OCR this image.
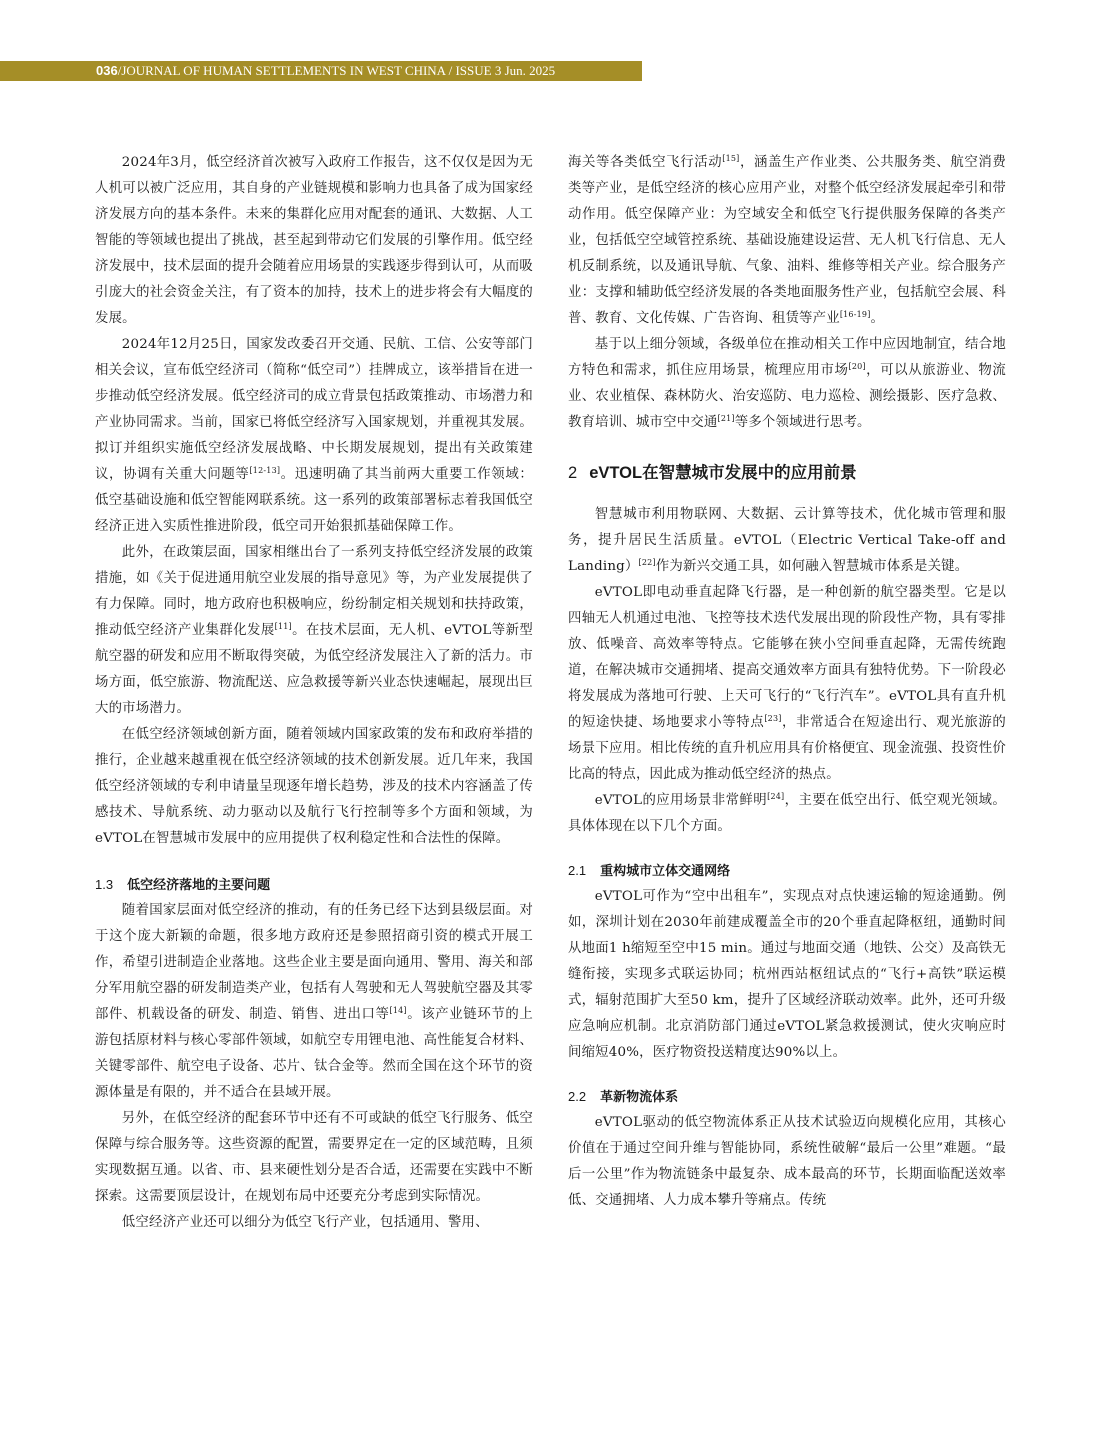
036/JOURNAL OF HUMAN SETTLEMENTS IN WEST CHINA / ISSUE 3 Jun. 2025

2024年3月，低空经济首次被写入政府工作报告，这不仅仅是因为无人机可以被广泛应用，其自身的产业链规模和影响力也具备了成为国家经济发展方向的基本条件。未来的集群化应用对配套的通讯、大数据、人工智能的等领域也提出了挑战，甚至起到带动它们发展的引擎作用。低空经济发展中，技术层面的提升会随着应用场景的实践逐步得到认可，从而吸引庞大的社会资金关注，有了资本的加持，技术上的进步将会有大幅度的发展。

2024年12月25日，国家发改委召开交通、民航、工信、公安等部门相关会议，宣布低空经济司（简称“低空司”）挂牌成立，该举措旨在进一步推动低空经济发展。低空经济司的成立背景包括政策推动、市场潜力和产业协同需求。当前，国家已将低空经济写入国家规划，并重视其发展。拟订并组织实施低空经济发展战略、中长期发展规划，提出有关政策建议，协调有关重大问题等[12-13]。迅速明确了其当前两大重要工作领域：低空基础设施和低空智能网联系统。这一系列的政策部署标志着我国低空经济正进入实质性推进阶段，低空司开始狠抓基础保障工作。

此外，在政策层面，国家相继出台了一系列支持低空经济发展的政策措施，如《关于促进通用航空业发展的指导意见》等，为产业发展提供了有力保障。同时，地方政府也积极响应，纷纷制定相关规划和扶持政策，推动低空经济产业集群化发展[11]。在技术层面，无人机、eVTOL等新型航空器的研发和应用不断取得突破，为低空经济发展注入了新的活力。市场方面，低空旅游、物流配送、应急救援等新兴业态快速崛起，展现出巨大的市场潜力。

在低空经济领域创新方面，随着领域内国家政策的发布和政府举措的推行，企业越来越重视在低空经济领域的技术创新发展。近几年来，我国低空经济领域的专利申请量呈现逐年增长趋势，涉及的技术内容涵盖了传感技术、导航系统、动力驱动以及航行飞行控制等多个方面和领域，为eVTOL在智慧城市发展中的应用提供了权利稳定性和合法性的保障。

1.3 低空经济落地的主要问题

随着国家层面对低空经济的推动，有的任务已经下达到县级层面。对于这个庞大新颖的命题，很多地方政府还是参照招商引资的模式开展工作，希望引进制造企业落地。这些企业主要是面向通用、警用、海关和部分军用航空器的研发制造类产业，包括有人驾驶和无人驾驶航空器及其零部件、机载设备的研发、制造、销售、进出口等[14]。该产业链环节的上游包括原材料与核心零部件领域，如航空专用锂电池、高性能复合材料、关键零部件、航空电子设备、芯片、钛合金等。然而全国在这个环节的资源体量是有限的，并不适合在县域开展。

另外，在低空经济的配套环节中还有不可或缺的低空飞行服务、低空保障与综合服务等。这些资源的配置，需要界定在一定的区域范畴，且须实现数据互通。以省、市、县来硬性划分是否合适，还需要在实践中不断探索。这需要顶层设计，在规划布局中还要充分考虑到实际情况。

低空经济产业还可以细分为低空飞行产业，包括通用、警用、

海关等各类低空飞行活动[15]，涵盖生产作业类、公共服务类、航空消费类等产业，是低空经济的核心应用产业，对整个低空经济发展起牵引和带动作用。低空保障产业：为空域安全和低空飞行提供服务保障的各类产业，包括低空空域管控系统、基础设施建设运营、无人机飞行信息、无人机反制系统，以及通讯导航、气象、油料、维修等相关产业。综合服务产业：支撑和辅助低空经济发展的各类地面服务性产业，包括航空会展、科普、教育、文化传媒、广告咨询、租赁等产业[16-19]。

基于以上细分领域，各级单位在推动相关工作中应因地制宜，结合地方特色和需求，抓住应用场景，梳理应用市场[20]，可以从旅游业、物流业、农业植保、森林防火、治安巡防、电力巡检、测绘摄影、医疗急救、教育培训、城市空中交通[21]等多个领域进行思考。

2 eVTOL在智慧城市发展中的应用前景

智慧城市利用物联网、大数据、云计算等技术，优化城市管理和服务，提升居民生活质量。eVTOL（Electric Vertical Take-off and Landing）[22]作为新兴交通工具，如何融入智慧城市体系是关键。

eVTOL即电动垂直起降飞行器，是一种创新的航空器类型。它是以四轴无人机通过电池、飞控等技术迭代发展出现的阶段性产物，具有零排放、低噪音、高效率等特点。它能够在狭小空间垂直起降，无需传统跑道，在解决城市交通拥堵、提高交通效率方面具有独特优势。下一阶段必将发展成为落地可行驶、上天可飞行的“飞行汽车”。eVTOL具有直升机的短途快捷、场地要求小等特点[23]，非常适合在短途出行、观光旅游的场景下应用。相比传统的直升机应用具有价格便宜、现金流强、投资性价比高的特点，因此成为推动低空经济的热点。

eVTOL的应用场景非常鲜明[24]，主要在低空出行、低空观光领域。具体体现在以下几个方面。

2.1 重构城市立体交通网络

eVTOL可作为“空中出租车”，实现点对点快速运输的短途通勤。例如，深圳计划在2030年前建成覆盖全市的20个垂直起降枢纽，通勤时间从地面1 h缩短至空中15 min。通过与地面交通（地铁、公交）及高铁无缝衔接，实现多式联运协同；杭州西站枢纽试点的“飞行+高铁”联运模式，辐射范围扩大至50 km，提升了区域经济联动效率。此外，还可升级应急响应机制。北京消防部门通过eVTOL紧急救援测试，使火灾响应时间缩短40%，医疗物资投送精度达90%以上。

2.2 革新物流体系

eVTOL驱动的低空物流体系正从技术试验迈向规模化应用，其核心价值在于通过空间升维与智能协同，系统性破解“最后一公里”难题。“最后一公里”作为物流链条中最复杂、成本最高的环节，长期面临配送效率低、交通拥堵、人力成本攀升等痛点。传统
